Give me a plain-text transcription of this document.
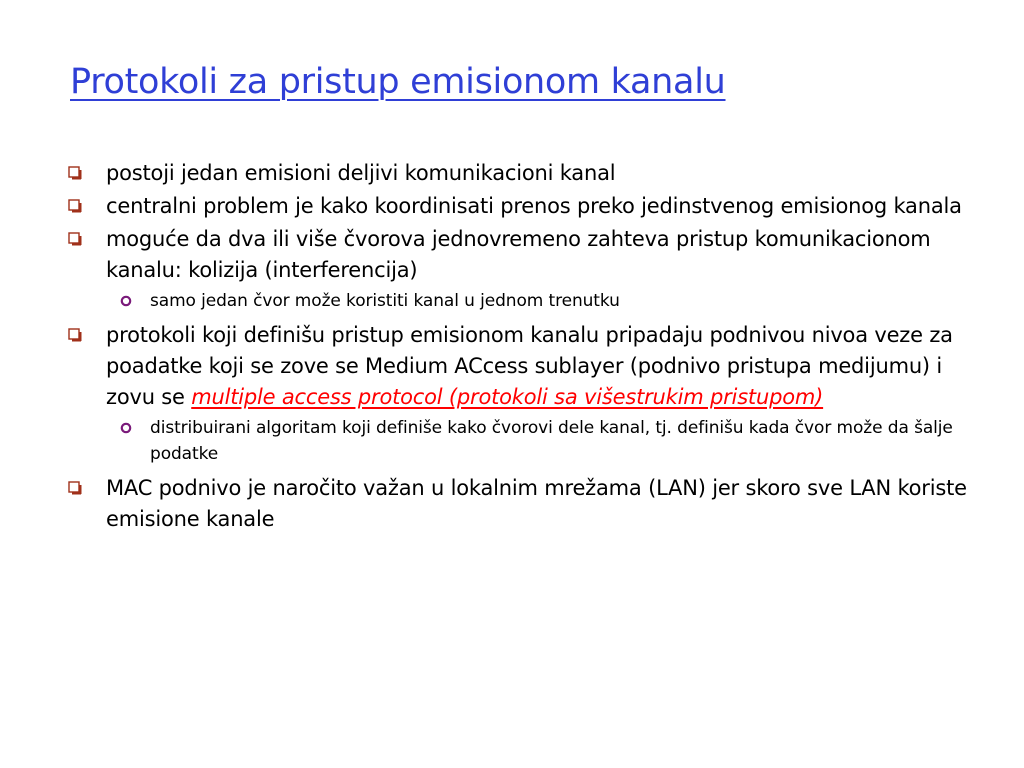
Protokoli za pristup emisionom kanalu
postoji jedan emisioni deljivi komunikacioni kanal
centralni problem je kako koordinisati prenos preko jedinstvenog emisionog kanala
moguće da dva ili više čvorova jednovremeno zahteva pristup komunikacionom kanalu: kolizija (interferencija)
samo jedan čvor može koristiti kanal u jednom trenutku
protokoli koji definišu pristup emisionom kanalu pripadaju podnivou nivoa veze za poadatke koji se zove se Medium ACcess sublayer (podnivo pristupa medijumu) i zovu se multiple access protocol (protokoli sa višestrukim pristupom)
distribuirani algoritam koji definiše kako čvorovi dele kanal, tj. definišu kada čvor može da šalje podatke
MAC podnivo je naročito važan u lokalnim mrežama (LAN) jer skoro sve LAN koriste emisione kanale
